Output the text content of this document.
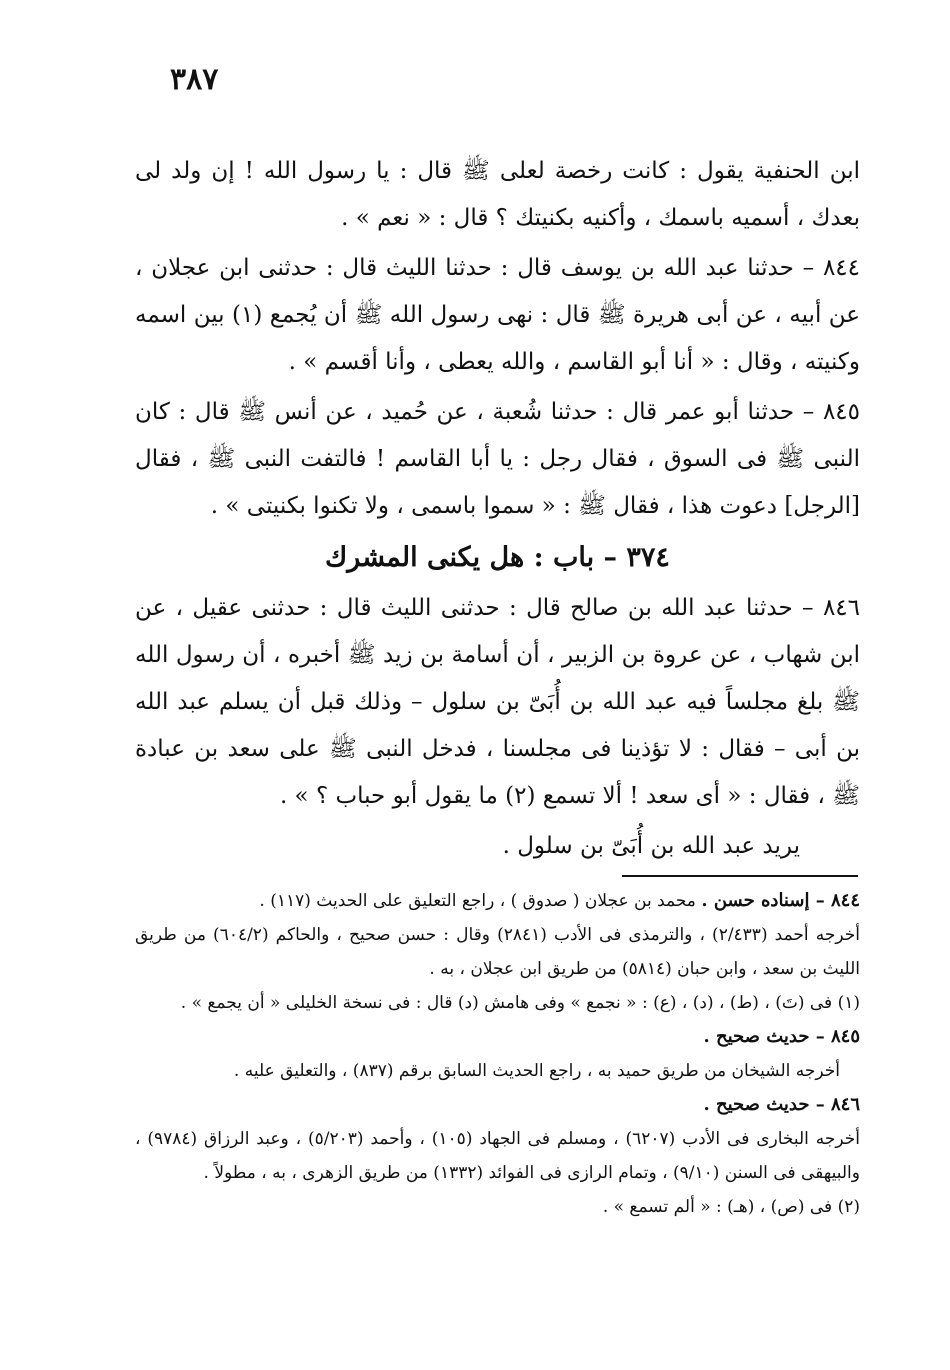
٣٨٧

ابن الحنفية يقول : كانت رخصة لعلى ﷺ قال : يا رسول الله ! إن ولد لى بعدك ، أسميه باسمك ، وأكنيه بكنيتك ؟ قال : « نعم » .

٨٤٤ – حدثنا عبد الله بن يوسف قال : حدثنا الليث قال : حدثنى ابن عجلان ، عن أبيه ، عن أبى هريرة ﷺ قال : نهى رسول الله ﷺ أن يُجمع (١) بين اسمه وكنيته ، وقال : « أنا أبو القاسم ، والله يعطى ، وأنا أقسم » .

٨٤٥ – حدثنا أبو عمر قال : حدثنا شُعبة ، عن حُميد ، عن أنس ﷺ قال : كان النبى ﷺ فى السوق ، فقال رجل : يا أبا القاسم ! فالتفت النبى ﷺ ، فقال [الرجل] دعوت هذا ، فقال ﷺ : « سموا باسمى ، ولا تكنوا بكنيتى » .

٣٧٤ – باب : هل يكنى المشرك

٨٤٦ – حدثنا عبد الله بن صالح قال : حدثنى الليث قال : حدثنى عقيل ، عن ابن شهاب ، عن عروة بن الزبير ، أن أسامة بن زيد ﷺ أخبره ، أن رسول الله ﷺ بلغ مجلساً فيه عبد الله بن أُبَىّ بن سلول – وذلك قبل أن يسلم عبد الله بن أبى – فقال : لا تؤذينا فى مجلسنا ، فدخل النبى ﷺ على سعد بن عبادة ﷺ ، فقال : « أى سعد ! ألا تسمع (٢) ما يقول أبو حباب ؟ » .

يريد عبد الله بن أُبَىّ بن سلول .

٨٤٤ – إسناده حسن . محمد بن عجلان ( صدوق ) ، راجع التعليق على الحديث (١١٧) .

أخرجه أحمد (٢/٤٣٣) ، والترمذى فى الأدب (٢٨٤١) وقال : حسن صحيح ، والحاكم (٦٠٤/٢) من طريق الليث بن سعد ، وابن حبان (٥٨١٤) من طريق ابن عجلان ، به .

(١) فى (تَ) ، (ط) ، (د) ، (ع) : « نجمع » وفى هامش (د) قال : فى نسخة الخليلى « أن يجمع » .

٨٤٥ – حديث صحيح .

أخرجه الشيخان من طريق حميد به ، راجع الحديث السابق برقم (٨٣٧) ، والتعليق عليه .

٨٤٦ – حديث صحيح .

أخرجه البخارى فى الأدب (٦٢٠٧) ، ومسلم فى الجهاد (١٠٥) ، وأحمد (٥/٢٠٣) ، وعبد الرزاق (٩٧٨٤) ، والبيهقى فى السنن (٩/١٠) ، وتمام الرازى فى الفوائد (١٣٣٢) من طريق الزهرى ، به ، مطولاً .

(٢) فى (ص) ، (هـ) : « ألم تسمع » .
